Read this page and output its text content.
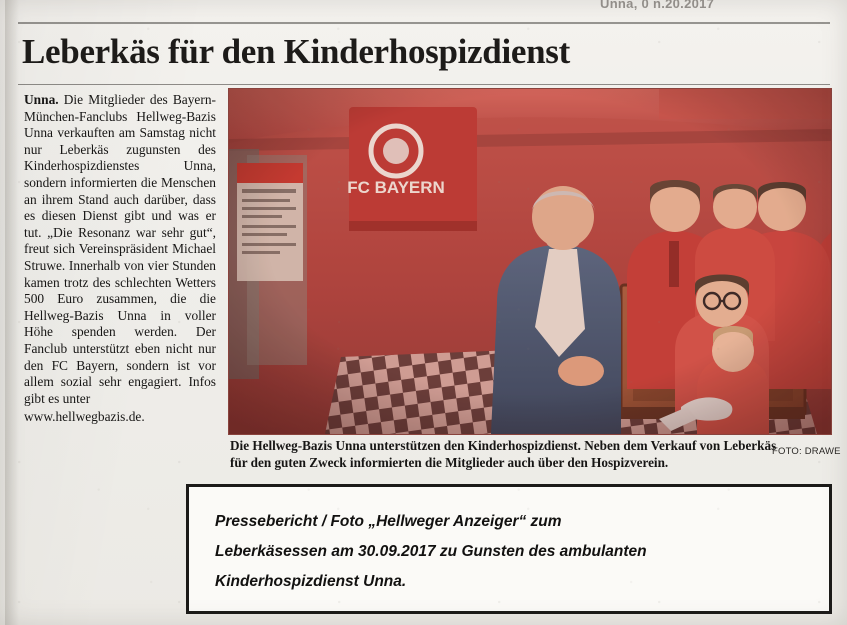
Unna, 0 n.20.2017
Leberkäs für den Kinderhospizdienst

Unna. Die Mitglieder des Bayern-München-Fanclubs Hellweg-Bazis Unna verkauften am Samstag nicht nur Leberkäs zugunsten des Kinderhospizdienstes Unna, sondern informierten die Menschen an ihrem Stand auch darüber, dass es diesen Dienst gibt und was er tut. „Die Resonanz war sehr gut“, freut sich Vereinspräsident Michael Struwe. Innerhalb von vier Stunden kamen trotz des schlechten Wetters 500 Euro zusammen, die die Hellweg-Bazis Unna in voller Höhe spenden werden. Der Fanclub unterstützt eben nicht nur den FC Bayern, sondern ist vor allem sozial sehr engagiert. Infos gibt es unter

www.hellwegbazis.de.
Die Hellweg-Bazis Unna unterstützen den Kinderhospizdienst. Neben dem Verkauf von Leberkäs für den guten Zweck informierten die Mitglieder auch über den Hospizverein.
FOTO: DRAWE

Pressebericht / Foto „Hellweger Anzeiger“ zum

Leberkäsessen am 30.09.2017 zu Gunsten des ambulanten

Kinderhospizdienst Unna.
